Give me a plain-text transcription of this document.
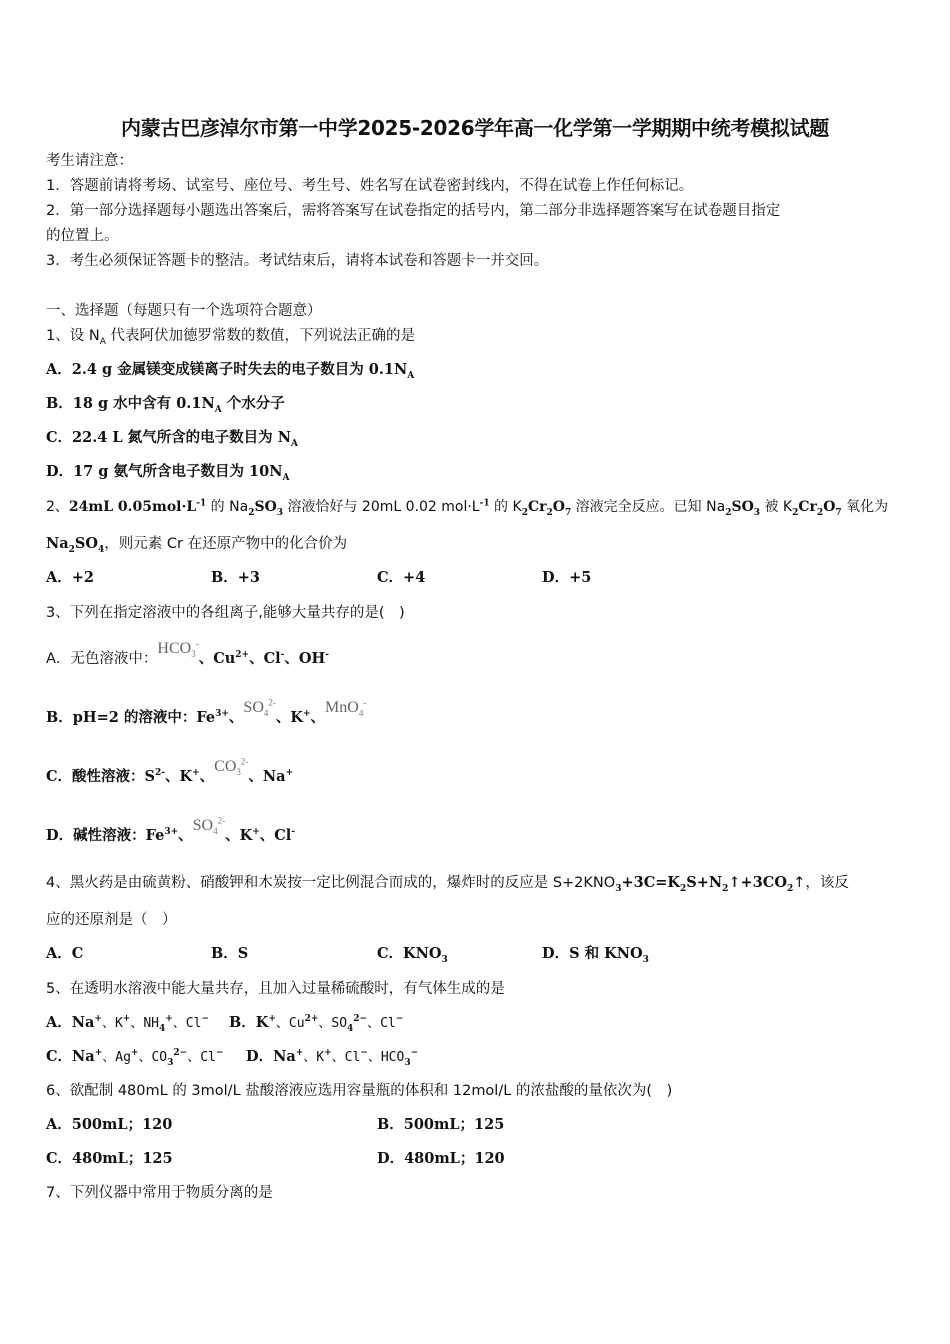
内蒙古巴彦淖尔市第一中学2025-2026学年高一化学第一学期期中统考模拟试题
考生请注意：
1．答题前请将考场、试室号、座位号、考生号、姓名写在试卷密封线内，不得在试卷上作任何标记。
2．第一部分选择题每小题选出答案后，需将答案写在试卷指定的括号内，第二部分非选择题答案写在试卷题目指定
的位置上。
3．考生必须保证答题卡的整洁。考试结束后，请将本试卷和答题卡一并交回。
一、选择题（每题只有一个选项符合题意）
1、设 $N_A$ 代表阿伏加德罗常数的数值，下列说法正确的是
A．2.4 g 金属镁变成镁离子时失去的电子数目为 $0.1N_A$
B．18 g 水中含有 $0.1N_A$ 个水分子
C．22.4 L 氮气所含的电子数目为 $N_A$
D．17 g 氨气所含电子数目为 $10N_A$
2、24mL $0.05mol\cdot L^{-1}$ 的 $Na_2SO_3$ 溶液恰好与 20mL 0.02 $mol\cdot L^{-1}$ 的 $K_2Cr_2O_7$ 溶液完全反应。已知 $Na_2SO_3$ 被 $K_2Cr_2O_7$ 氧化为
$Na_2SO_4$，则元素 Cr 在还原产物中的化合价为
A．+2	B．+3	C．+4	D．+5
3、下列在指定溶液中的各组离子,能够大量共存的是(　)
A．无色溶液中：$HCO_3^-$、$Cu^{2+}$、Cl-、OH-
B．pH=2 的溶液中：$Fe^{3+}$、$SO_4^{2-}$、K+、MnO$_4$-
C．酸性溶液：$S^{2-}$、K+、$CO_3^{2-}$、Na+
D．碱性溶液：$Fe^{3+}$、$SO_4^{2-}$、K+、Cl-
4、黑火药是由硫黄粉、硝酸钾和木炭按一定比例混合而成的，爆炸时的反应是 $S+2KNO_3+3C=K_2S+N_2↑+3CO_2↑$，该反
应的还原剂是（　）
A．C	B．S	C．$KNO_3$	D．S 和 $KNO_3$
5、在透明水溶液中能大量共存，且加入过量稀硫酸时，有气体生成的是
A．Na+、K+、$NH_4^+$、Cl− B．K+、$Cu^{2+}$、$SO_4^{2-}$、Cl−
C．Na+、Ag+、$CO_3^{2-}$、Cl− D．Na+、K+、Cl−、$HCO_3^-$
6、欲配制 480mL 的 3mol/L 盐酸溶液应选用容量瓶的体积和 12mol/L 的浓盐酸的量依次为(　)
A．500mL；120	B．500mL；125
C．480mL；125	D．480mL；120
7、下列仪器中常用于物质分离的是
